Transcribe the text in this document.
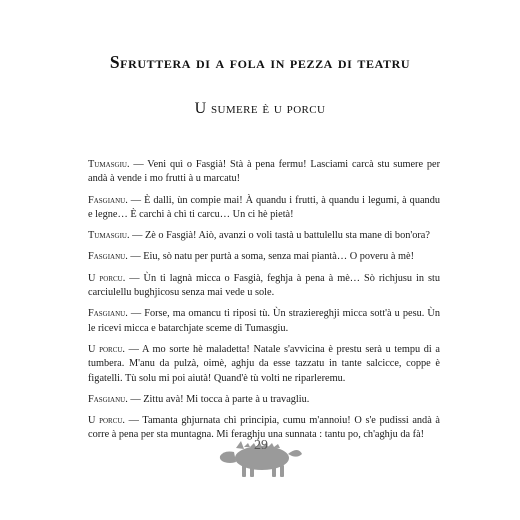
Sfruttera di a fola in pezza di teatru
U sumere è u porcu

Tumasgiu. — Veni quì o Fasgià! Stà à pena fermu! Lasciami carcà stu sumere per andà à vende i mo frutti à u marcatu!

Fasgianu. — È dalli, ùn compie mai! À quandu i frutti, à quandu i legumi, à quandu e legne… È carchi à chì ti carcu… Un ci hè pietà!

Tumasgiu. — Zè o Fasgià! Aiò, avanzi o voli tastà u battulellu sta mane di bon'ora?

Fasgianu. — Eiu, sò natu per purtà a soma, senza mai piantà… O poveru à mè!

U porcu. — Ùn ti lagnà micca o Fasgià, feghja à pena à mè… Sò richjusu in stu carciulellu bughjicosu senza mai vede u sole.

Fasgianu. — Forse, ma omancu ti riposi tù. Ùn straziereghji micca sott'à u pesu. Ùn le ricevi micca e batarchjate sceme di Tumasgiu.

U porcu. — A mo sorte hè maladetta! Natale s'avvicina è prestu serà u tempu di a tumbera. M'anu da pulzà, oimè, aghju da esse tazzatu in tante salcicce, coppe è figatelli. Tù solu mi poi aiutà! Quand'è tù volti ne riparleremu.

Fasgianu. — Zittu avà! Mi tocca à parte à u travagliu.

U porcu. — Tamanta ghjurnata chì principia, cumu m'annoiu! O s'e pudissi andà à corre à pena per sta muntagna. Mi feraghju una sunnata : tantu po, ch'aghju da fà!

29
